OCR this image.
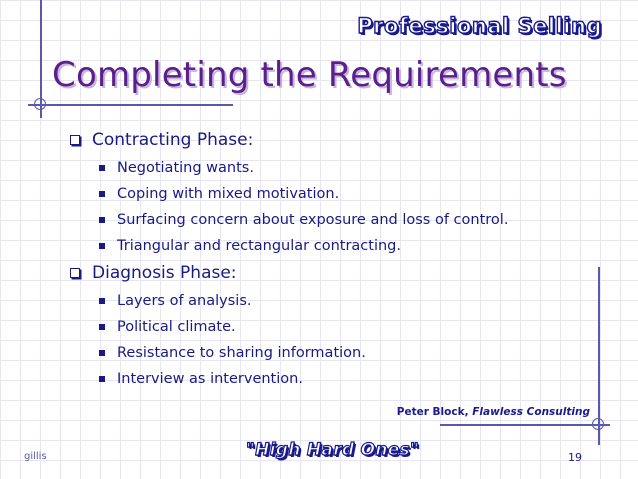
Professional Selling
Completing the Requirements
Contracting Phase:
Negotiating wants.
Coping with mixed motivation.
Surfacing concern about exposure and loss of control.
Triangular and rectangular contracting.
Diagnosis Phase:
Layers of analysis.
Political climate.
Resistance to sharing information.
Interview as intervention.
Peter Block, Flawless Consulting
gillis	"High Hard Ones"	19
